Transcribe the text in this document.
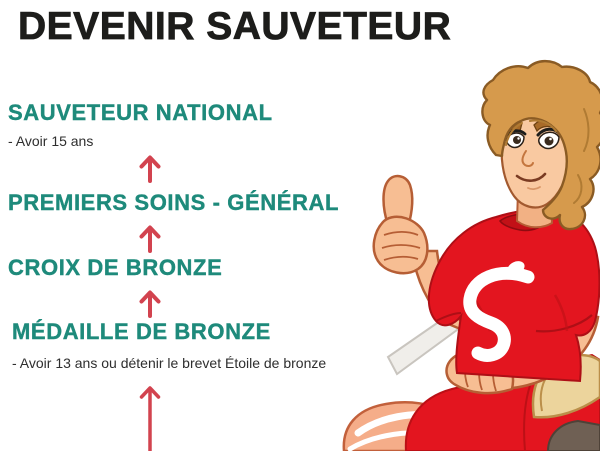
DEVENIR SAUVETEUR
SAUVETEUR NATIONAL
- Avoir 15 ans
PREMIERS SOINS - GÉNÉRAL
CROIX DE BRONZE
MÉDAILLE DE BRONZE
- Avoir 13 ans ou détenir le brevet Étoile de bronze
